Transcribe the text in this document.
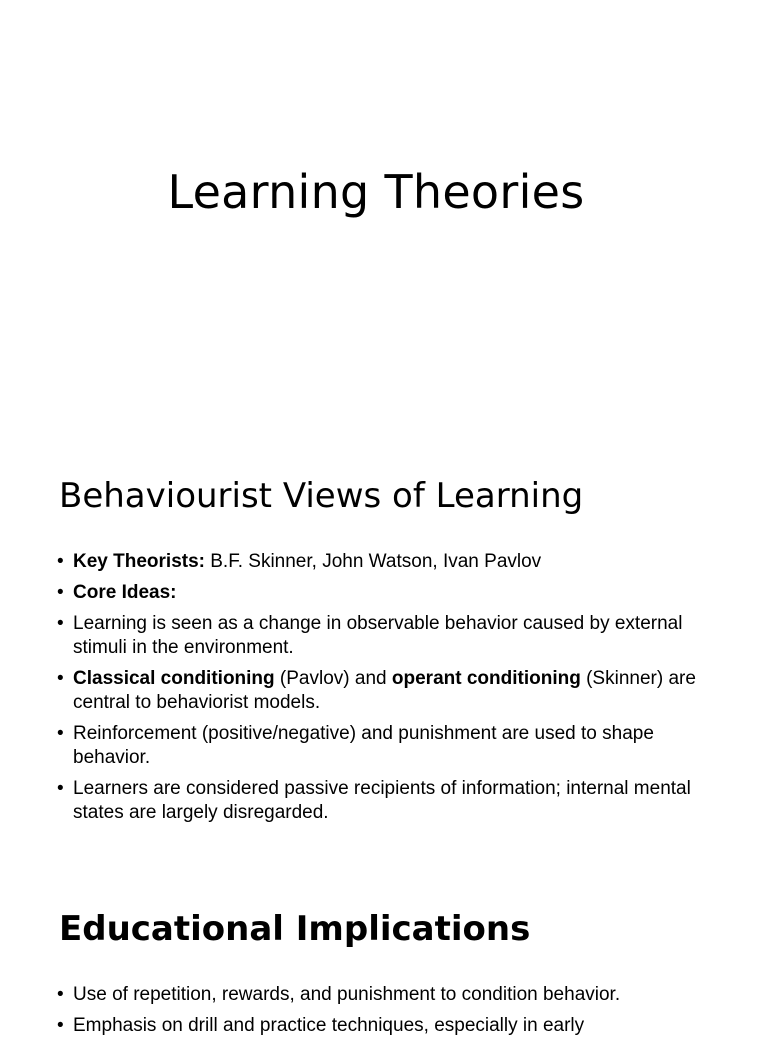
Learning Theories
Behaviourist Views of Learning
• Key Theorists: B.F. Skinner, John Watson, Ivan Pavlov
• Core Ideas:
• Learning is seen as a change in observable behavior caused by external stimuli in the environment.
• Classical conditioning (Pavlov) and operant conditioning (Skinner) are central to behaviorist models.
• Reinforcement (positive/negative) and punishment are used to shape behavior.
• Learners are considered passive recipients of information; internal mental states are largely disregarded.
Educational Implications
• Use of repetition, rewards, and punishment to condition behavior.
• Emphasis on drill and practice techniques, especially in early
